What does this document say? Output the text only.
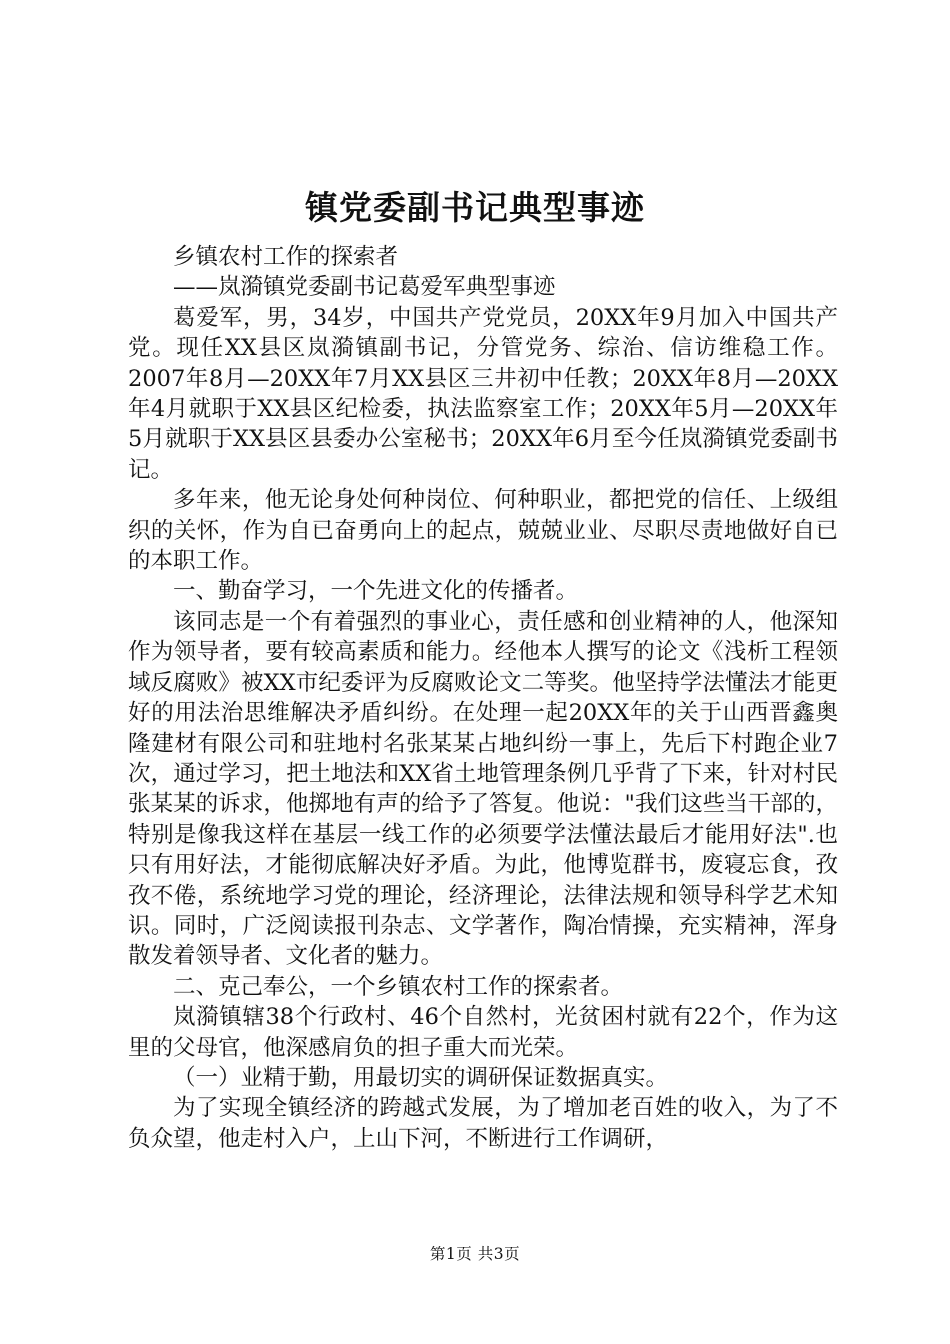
镇党委副书记典型事迹

乡镇农村工作的探索者

——岚漪镇党委副书记葛爱军典型事迹

葛爱军，男，34岁，中国共产党党员，20XX年9月加入中国共产党。现任XX县区岚漪镇副书记，分管党务、综治、信访维稳工作。2007年8月—20XX年7月XX县区三井初中任教；20XX年8月—20XX年4月就职于XX县区纪检委，执法监察室工作；20XX年5月—20XX年5月就职于XX县区县委办公室秘书；20XX年6月至今任岚漪镇党委副书记。

多年来，他无论身处何种岗位、何种职业，都把党的信任、上级组织的关怀，作为自已奋勇向上的起点，兢兢业业、尽职尽责地做好自已的本职工作。

一、勤奋学习，一个先进文化的传播者。

该同志是一个有着强烈的事业心，责任感和创业精神的人，他深知作为领导者，要有较高素质和能力。经他本人撰写的论文《浅析工程领域反腐败》被XX市纪委评为反腐败论文二等奖。他坚持学法懂法才能更好的用法治思维解决矛盾纠纷。在处理一起20XX年的关于山西晋鑫奥隆建材有限公司和驻地村名张某某占地纠纷一事上，先后下村跑企业7次，通过学习，把土地法和XX省土地管理条例几乎背了下来，针对村民张某某的诉求，他掷地有声的给予了答复。他说："我们这些当干部的，特别是像我这样在基层一线工作的必须要学法懂法最后才能用好法".也只有用好法，才能彻底解决好矛盾。为此，他博览群书，废寝忘食，孜孜不倦，系统地学习党的理论，经济理论，法律法规和领导科学艺术知识。同时，广泛阅读报刊杂志、文学著作，陶冶情操，充实精神，浑身散发着领导者、文化者的魅力。

二、克己奉公，一个乡镇农村工作的探索者。

岚漪镇辖38个行政村、46个自然村，光贫困村就有22个，作为这里的父母官，他深感肩负的担子重大而光荣。

（一）业精于勤，用最切实的调研保证数据真实。

为了实现全镇经济的跨越式发展，为了增加老百姓的收入，为了不负众望，他走村入户，上山下河，不断进行工作调研，

第1页 共3页
